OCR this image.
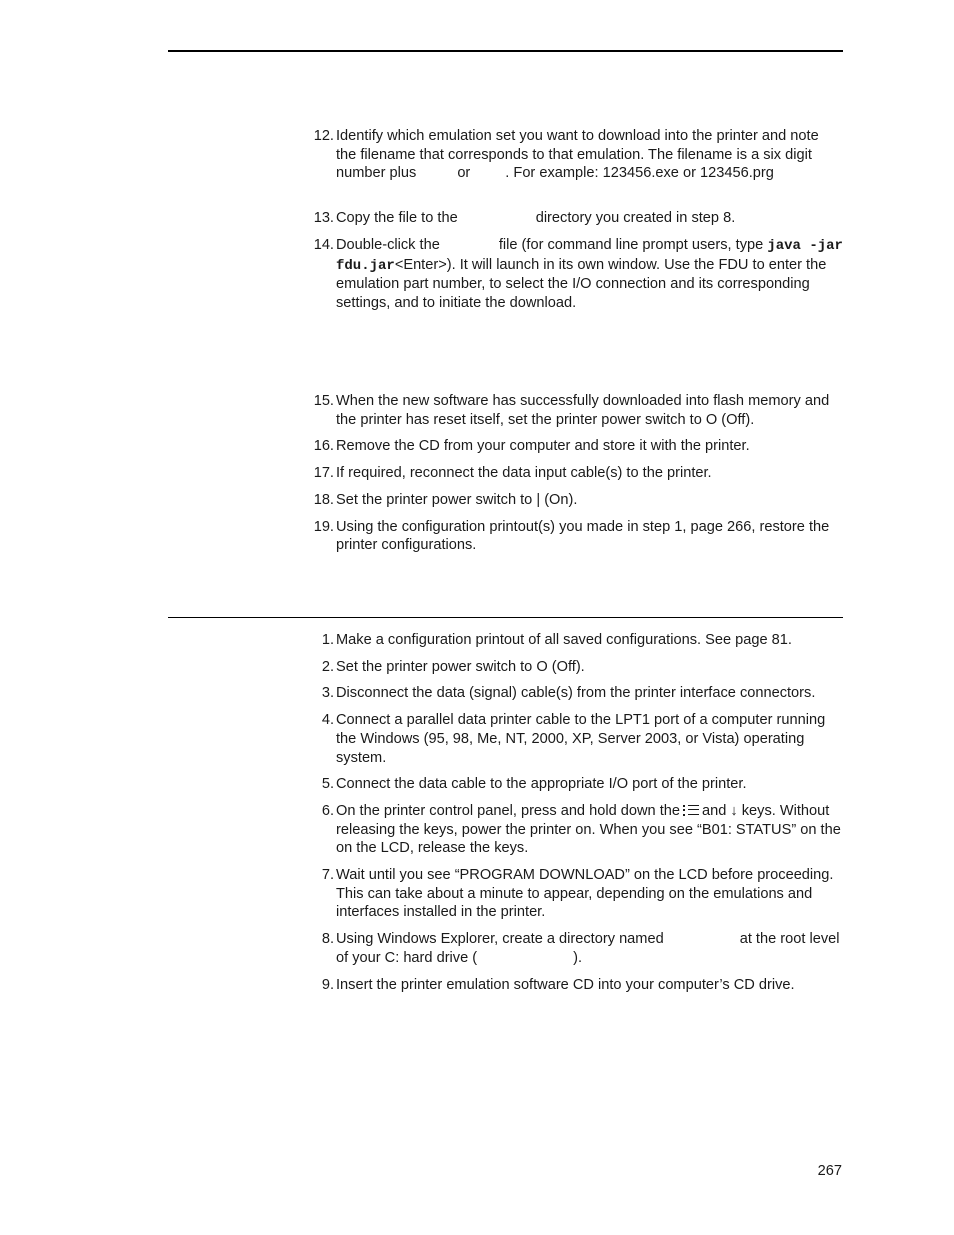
12. Identify which emulation set you want to download into the printer and note the filename that corresponds to that emulation. The filename is a six digit number plus	or . For example: 123456.exe or 123456.prg
13. Copy the file to the	directory you created in step 8.
14. Double-click the	file (for command line prompt users, type java -jar fdu.jar<Enter>). It will launch in its own window. Use the FDU to enter the emulation part number, to select the I/O connection and its corresponding settings, and to initiate the download.
15. When the new software has successfully downloaded into flash memory and the printer has reset itself, set the printer power switch to O (Off).
16. Remove the CD from your computer and store it with the printer.
17. If required, reconnect the data input cable(s) to the printer.
18. Set the printer power switch to | (On).
19. Using the configuration printout(s) you made in step 1, page 266, restore the printer configurations.
1. Make a configuration printout of all saved configurations. See page 81.
2. Set the printer power switch to O (Off).
3. Disconnect the data (signal) cable(s) from the printer interface connectors.
4. Connect a parallel data printer cable to the LPT1 port of a computer running the Windows (95, 98, Me, NT, 2000, XP, Server 2003, or Vista) operating system.
5. Connect the data cable to the appropriate I/O port of the printer.
6. On the printer control panel, press and hold down the and ↓ keys. Without releasing the keys, power the printer on. When you see “B01: STATUS” on the on the LCD, release the keys.
7. Wait until you see “PROGRAM DOWNLOAD” on the LCD before proceeding. This can take about a minute to appear, depending on the emulations and interfaces installed in the printer.
8. Using Windows Explorer, create a directory named	at the root level of your C: hard drive (	).
9. Insert the printer emulation software CD into your computer’s CD drive.
267
